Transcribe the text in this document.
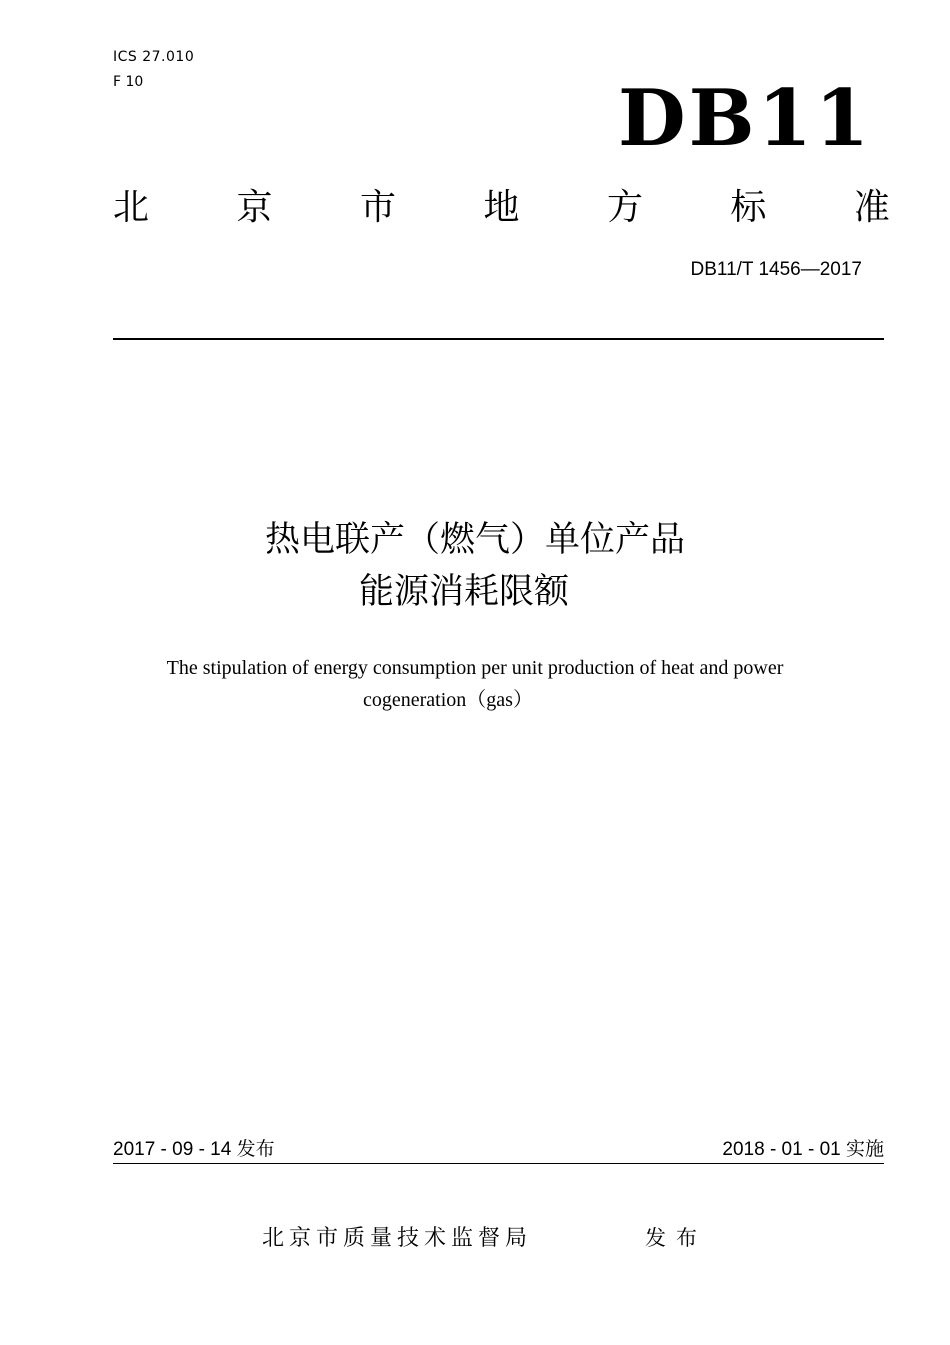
ICS 27.010
F 10	DB11
北 京 市 地 方 标 准
DB11/T 1456—2017
热电联产（燃气）单位产品
能源消耗限额
The stipulation of energy consumption per unit production of heat and power
cogeneration（gas）
2017 - 09 - 14 发布	2018 - 01 - 01 实施
北京市质量技术监督局	发布
